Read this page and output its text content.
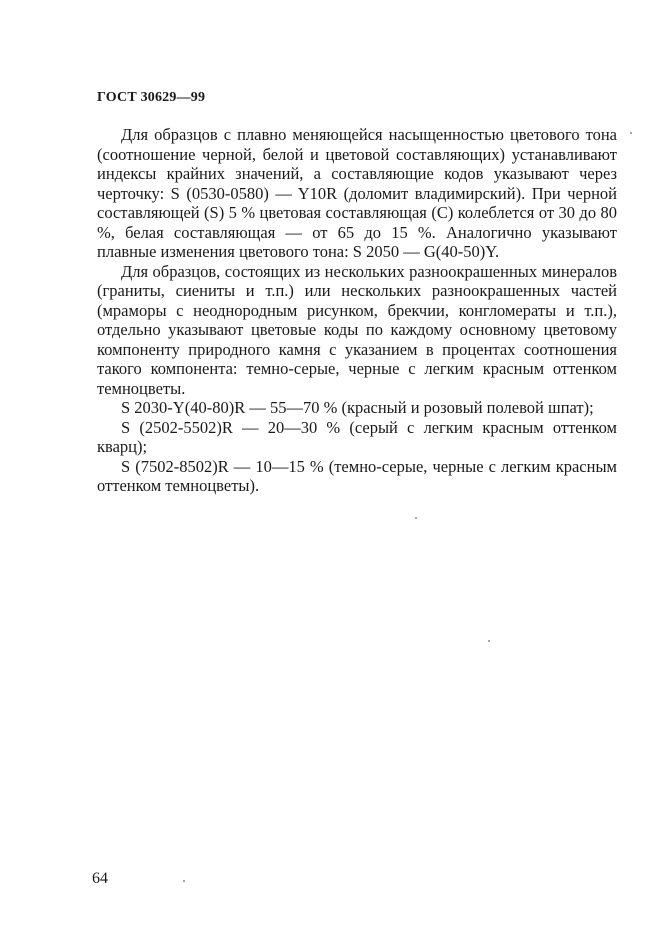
ГОСТ 30629—99

Для образцов с плавно меняющейся насыщенностью цветового тона (соотношение черной, белой и цветовой составляющих) устанавливают индексы крайних значений, а составляющие кодов указывают через черточку: S (0530-0580) — Y10R (доломит владимирский). При черной составляющей (S) 5 % цветовая составляющая (C) колеблется от 30 до 80 %, белая составляющая — от 65 до 15 %. Аналогично указывают плавные изменения цветового тона: S 2050 — G(40-50)Y.

Для образцов, состоящих из нескольких разноокрашенных минералов (граниты, сиениты и т.п.) или нескольких разноокрашенных частей (мраморы с неоднородным рисунком, брекчии, конгломераты и т.п.), отдельно указывают цветовые коды по каждому основному цветовому компоненту природного камня с указанием в процентах соотношения такого компонента: темно-серые, черные с легким красным оттенком темноцветы.

S 2030-Y(40-80)R — 55—70 % (красный и розовый полевой шпат);

S (2502-5502)R — 20—30 % (серый с легким красным оттенком кварц);

S (7502-8502)R — 10—15 % (темно-серые, черные с легким красным оттенком темноцветы).

64
